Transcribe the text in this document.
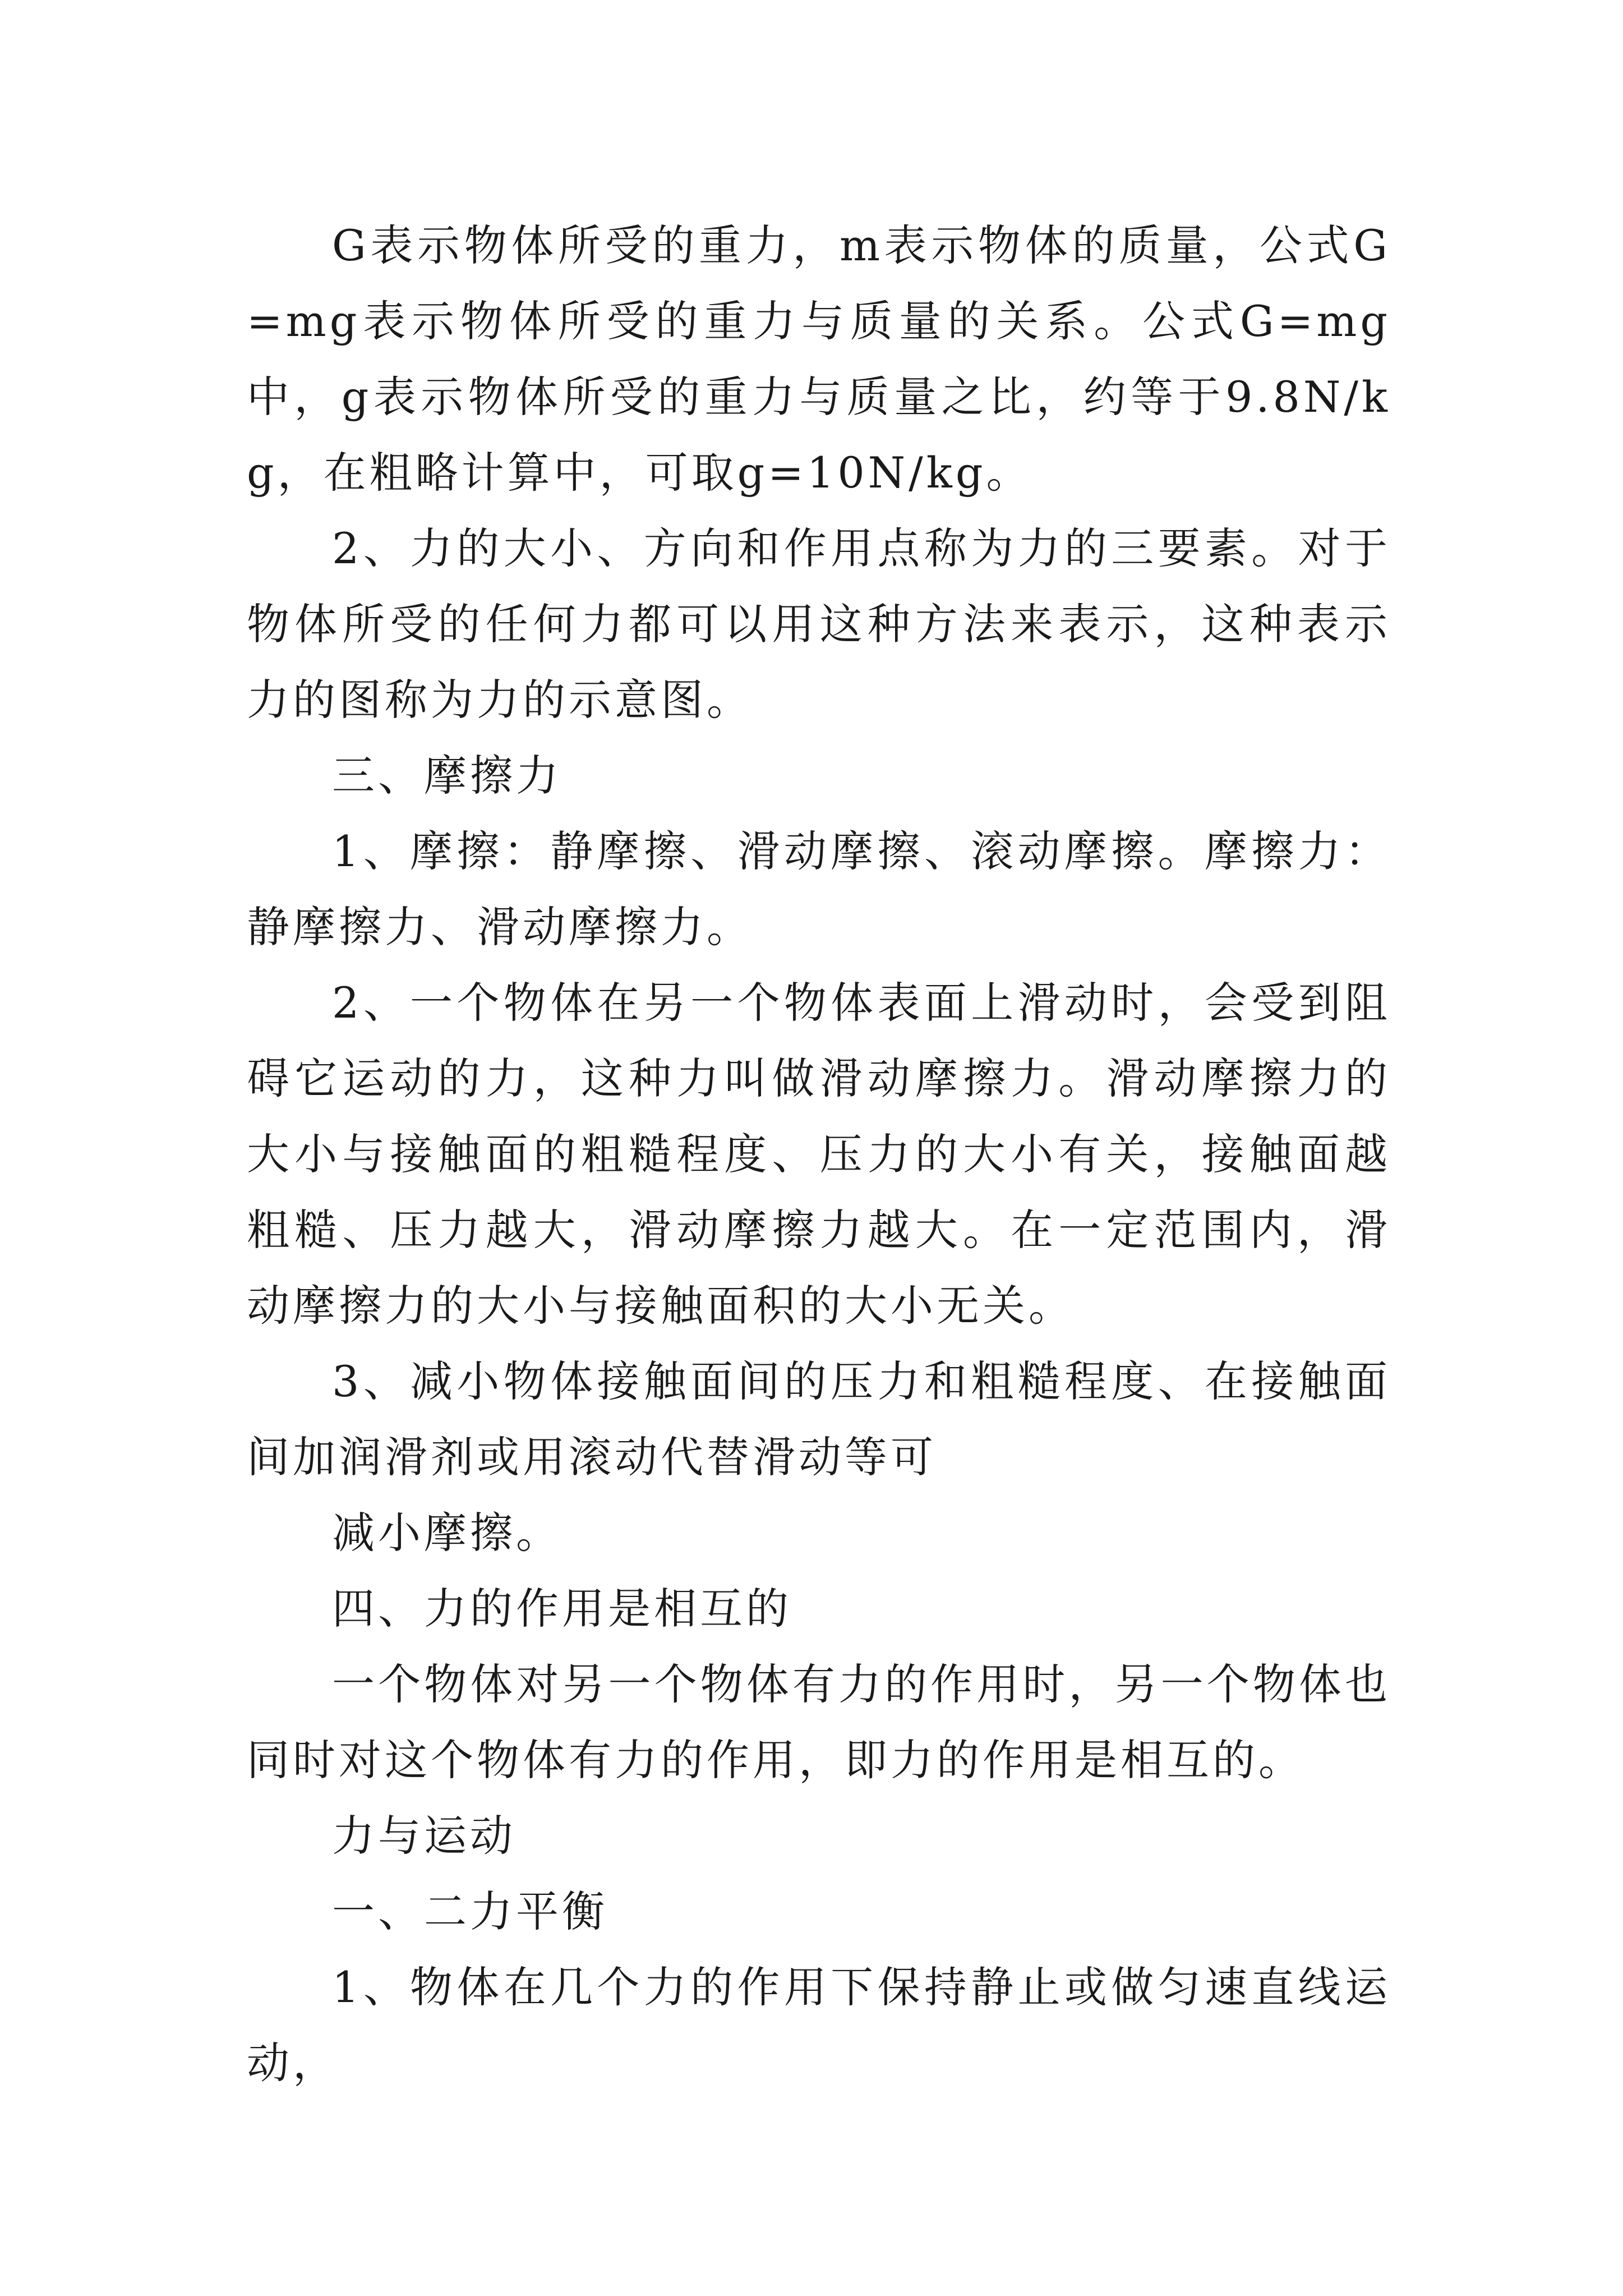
G表示物体所受的重力，m表示物体的质量，公式G=mg表示物体所受的重力与质量的关系。公式G=mg中，g表示物体所受的重力与质量之比，约等于9.8N/kg，在粗略计算中，可取g=10N/kg。

2、力的大小、方向和作用点称为力的三要素。对于物体所受的任何力都可以用这种方法来表示，这种表示力的图称为力的示意图。

三、摩擦力

1、摩擦：静摩擦、滑动摩擦、滚动摩擦。摩擦力：静摩擦力、滑动摩擦力。

2、一个物体在另一个物体表面上滑动时，会受到阻碍它运动的力，这种力叫做滑动摩擦力。滑动摩擦力的大小与接触面的粗糙程度、压力的大小有关，接触面越粗糙、压力越大，滑动摩擦力越大。在一定范围内，滑动摩擦力的大小与接触面积的大小无关。

3、减小物体接触面间的压力和粗糙程度、在接触面间加润滑剂或用滚动代替滑动等可

减小摩擦。

四、力的作用是相互的

一个物体对另一个物体有力的作用时，另一个物体也同时对这个物体有力的作用，即力的作用是相互的。

力与运动

一、二力平衡

1、物体在几个力的作用下保持静止或做匀速直线运动，
